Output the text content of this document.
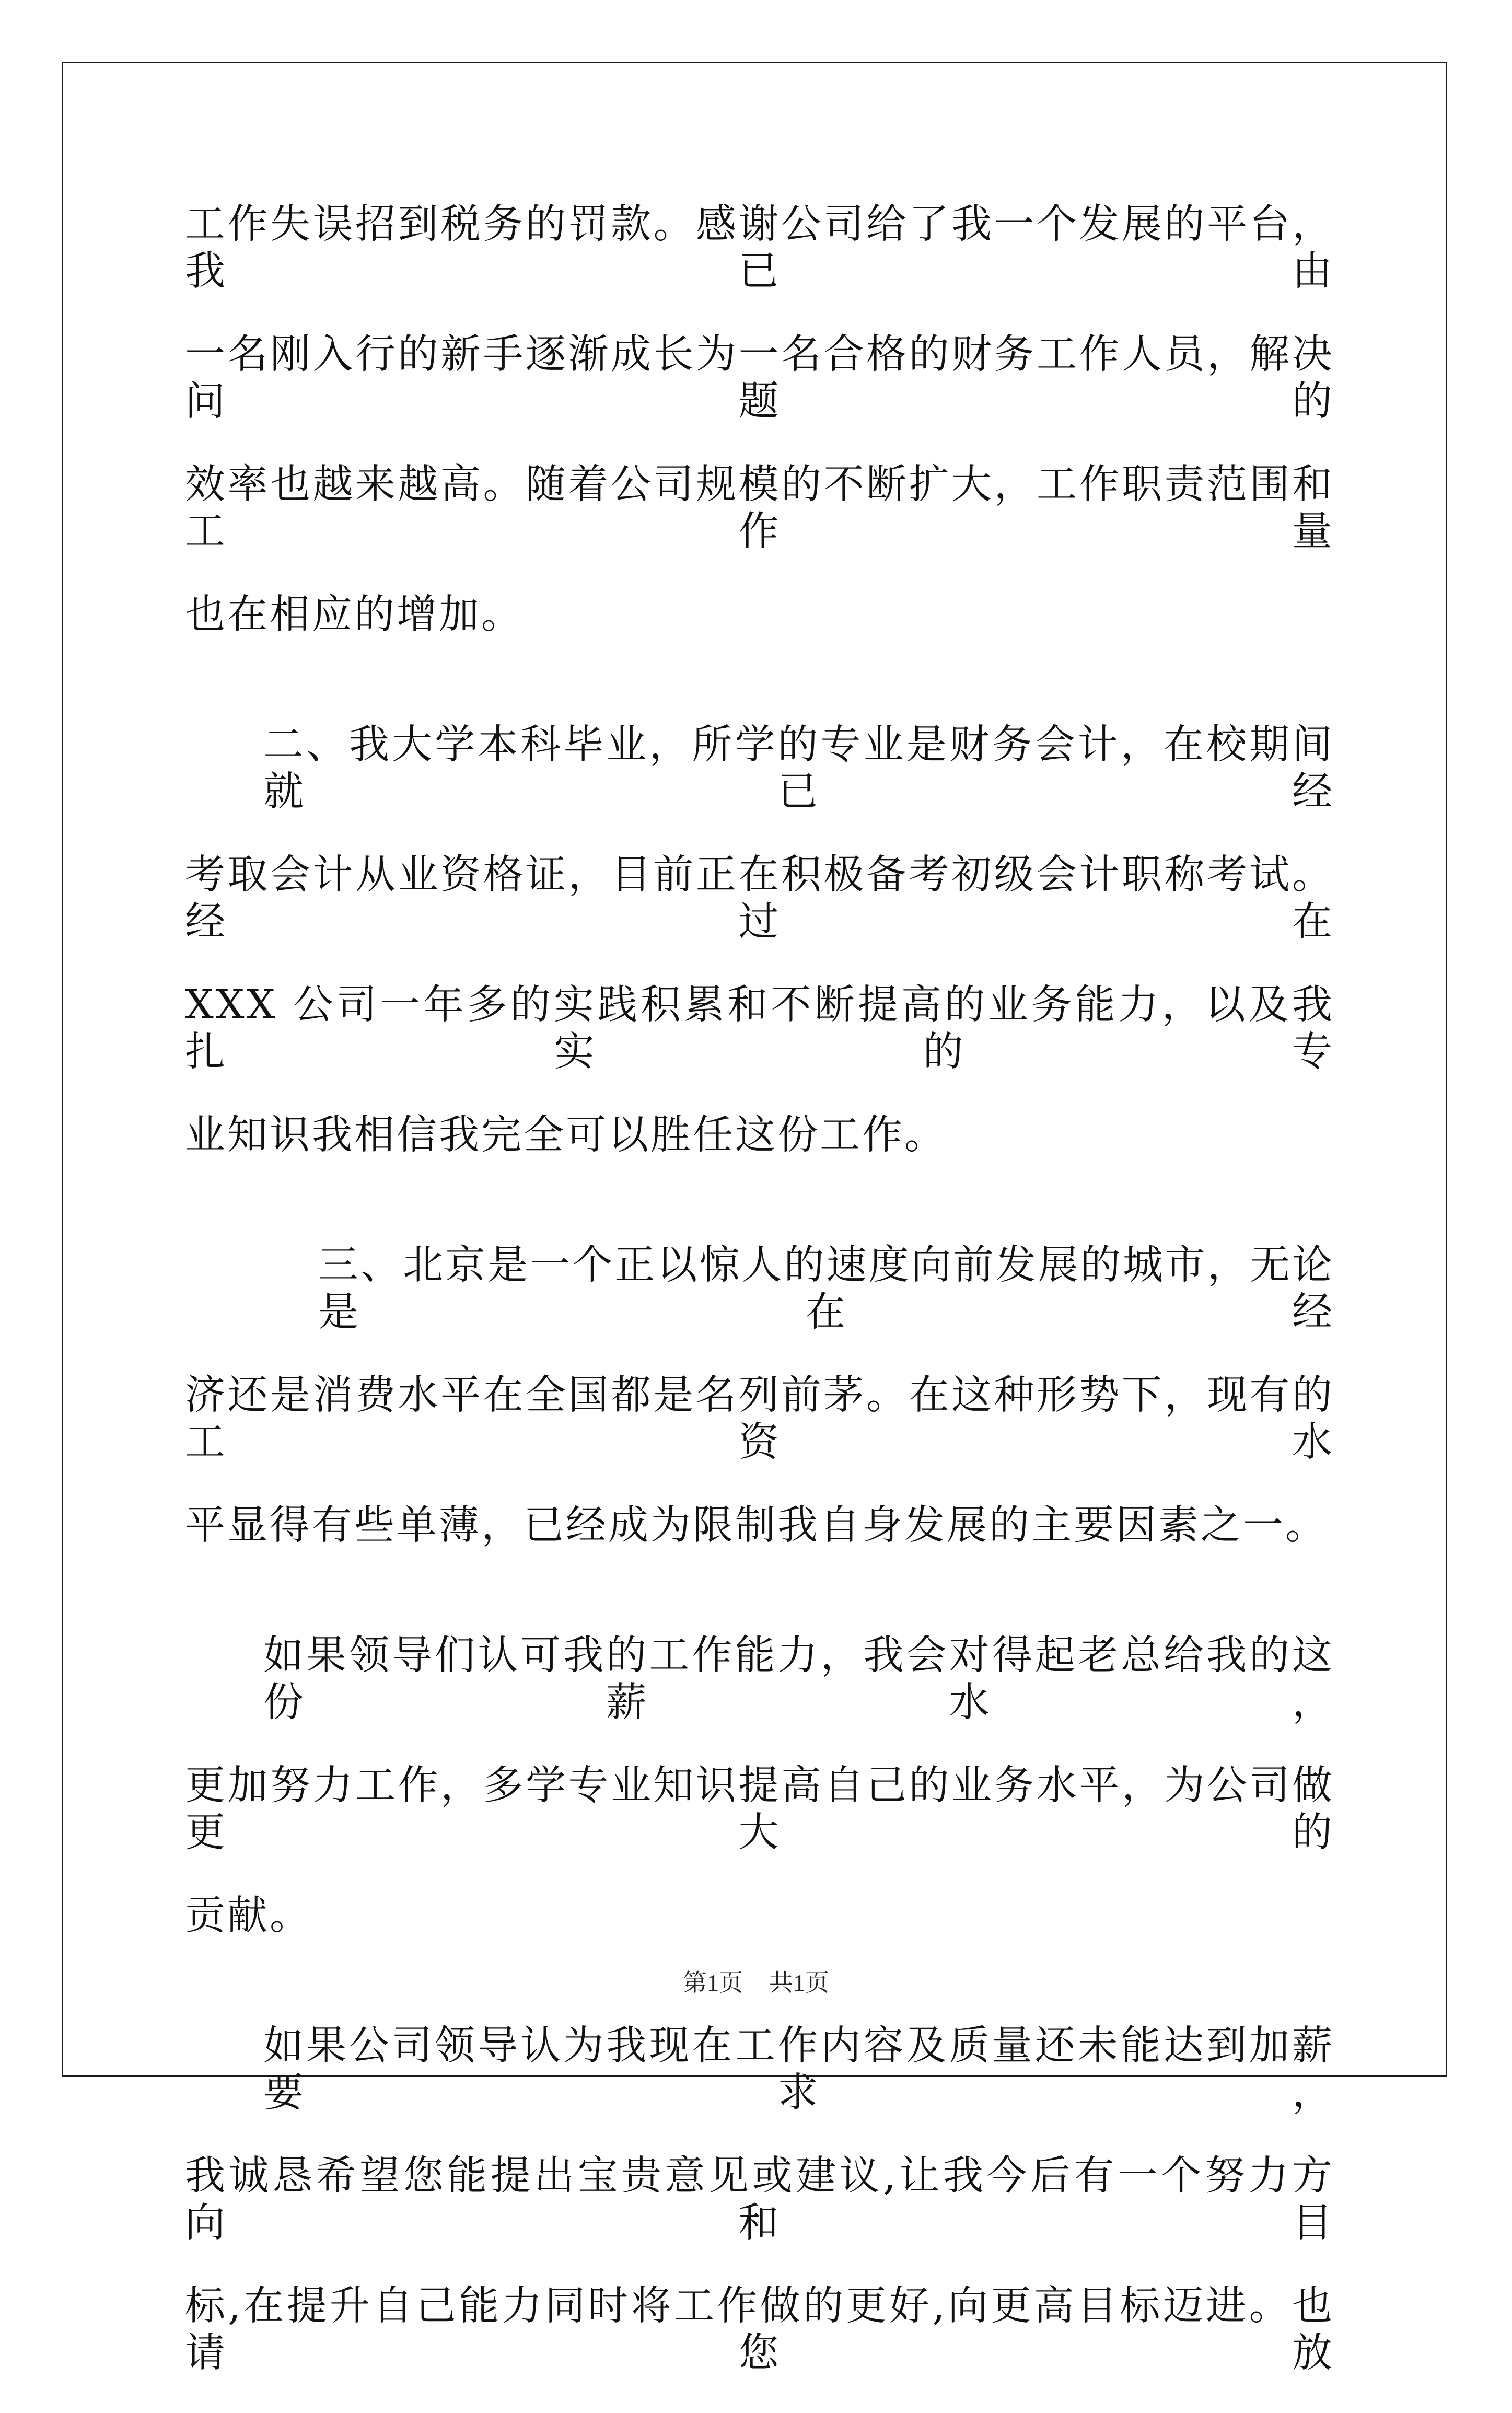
工作失误招到税务的罚款。感谢公司给了我一个发展的平台，我已由
一名刚入行的新手逐渐成长为一名合格的财务工作人员，解决问题的
效率也越来越高。随着公司规模的不断扩大，工作职责范围和工作量
也在相应的增加。
二、我大学本科毕业，所学的专业是财务会计，在校期间就已经
考取会计从业资格证，目前正在积极备考初级会计职称考试。经过在
XXX 公司一年多的实践积累和不断提高的业务能力，以及我扎实的专
业知识我相信我完全可以胜任这份工作。
三、北京是一个正以惊人的速度向前发展的城市，无论是在经
济还是消费水平在全国都是名列前茅。在这种形势下，现有的工资水
平显得有些单薄，已经成为限制我自身发展的主要因素之一。
如果领导们认可我的工作能力，我会对得起老总给我的这份薪水，
更加努力工作，多学专业知识提高自己的业务水平，为公司做更大的
贡献。
如果公司领导认为我现在工作内容及质量还未能达到加薪要求，
我诚恳希望您能提出宝贵意见或建议,让我今后有一个努力方向和目
标,在提升自己能力同时将工作做的更好,向更高目标迈进。也请您放
第1页 共1页
